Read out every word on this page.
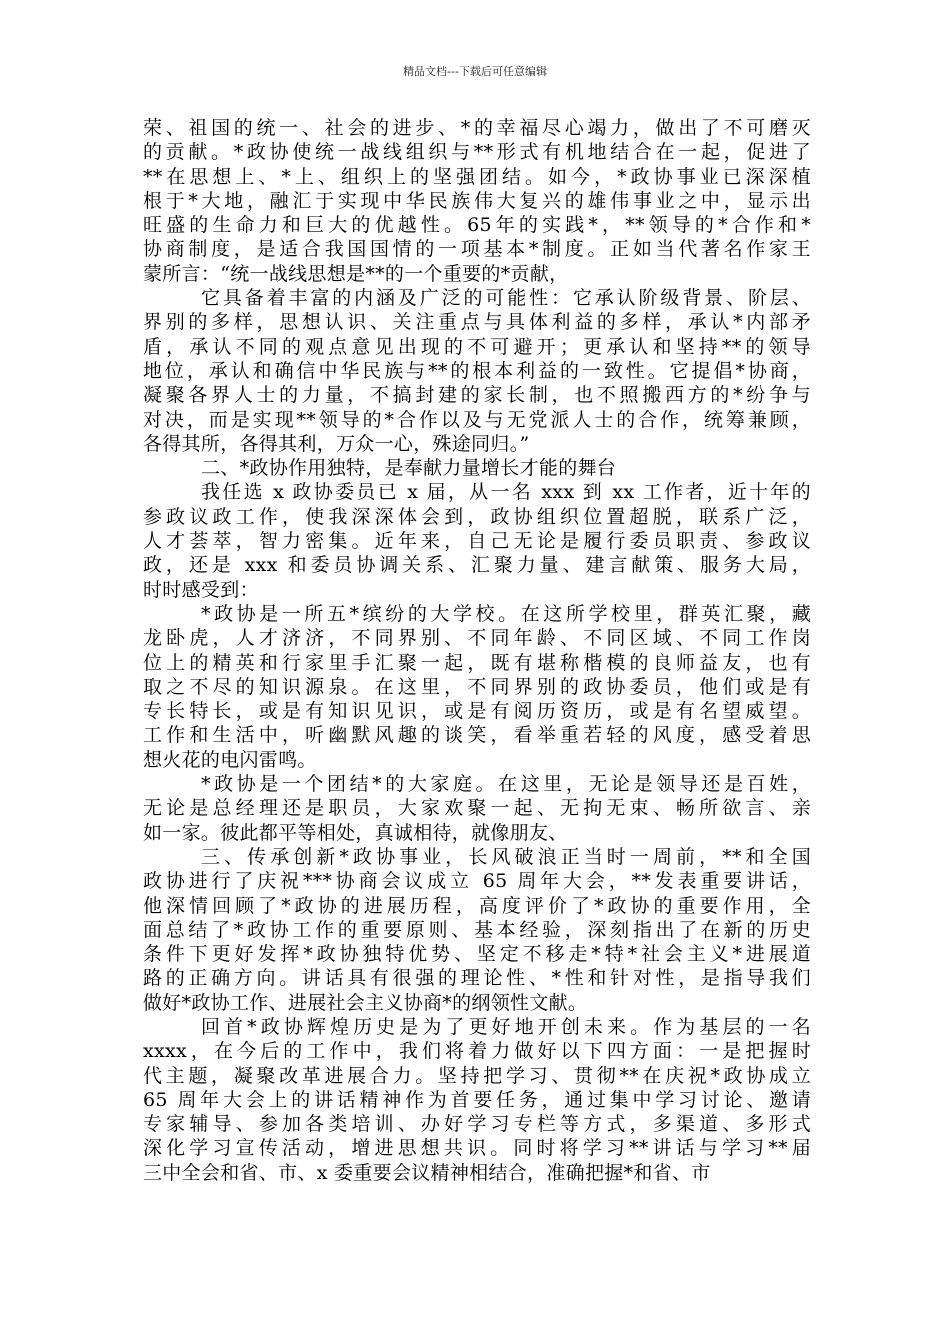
精品文档---下载后可任意编辑
荣、祖国的统一、社会的进步、*的幸福尽心竭力，做出了不可磨灭
的贡献。*政协使统一战线组织与**形式有机地结合在一起，促进了
**在思想上、*上、组织上的坚强团结。如今，*政协事业已深深植
根于*大地，融汇于实现中华民族伟大复兴的雄伟事业之中，显示出
旺盛的生命力和巨大的优越性。65年的实践*，**领导的*合作和*
协商制度，是适合我国国情的一项基本*制度。正如当代著名作家王
蒙所言：“统一战线思想是**的一个重要的*贡献，
它具备着丰富的内涵及广泛的可能性：它承认阶级背景、阶层、
界别的多样，思想认识、关注重点与具体利益的多样，承认*内部矛
盾，承认不同的观点意见出现的不可避开；更承认和坚持**的领导
地位，承认和确信中华民族与**的根本利益的一致性。它提倡*协商，
凝聚各界人士的力量，不搞封建的家长制，也不照搬西方的*纷争与
对决，而是实现**领导的*合作以及与无党派人士的合作，统筹兼顾，
各得其所，各得其利，万众一心，殊途同归。”
二、*政协作用独特，是奉献力量增长才能的舞台
我任选 x 政协委员已 x 届，从一名 xxx 到 xx 工作者，近十年的
参政议政工作，使我深深体会到，政协组织位置超脱，联系广泛，
人才荟萃，智力密集。近年来，自己无论是履行委员职责、参政议
政，还是 xxx 和委员协调关系、汇聚力量、建言献策、服务大局，
时时感受到：
*政协是一所五*缤纷的大学校。在这所学校里，群英汇聚，藏
龙卧虎，人才济济，不同界别、不同年龄、不同区域、不同工作岗
位上的精英和行家里手汇聚一起，既有堪称楷模的良师益友，也有
取之不尽的知识源泉。在这里，不同界别的政协委员，他们或是有
专长特长，或是有知识见识，或是有阅历资历，或是有名望威望。
工作和生活中，听幽默风趣的谈笑，看举重若轻的风度，感受着思
想火花的电闪雷鸣。
*政协是一个团结*的大家庭。在这里，无论是领导还是百姓，
无论是总经理还是职员，大家欢聚一起、无拘无束、畅所欲言、亲
如一家。彼此都平等相处，真诚相待，就像朋友、
三、传承创新*政协事业，长风破浪正当时一周前，**和全国
政协进行了庆祝***协商会议成立 65 周年大会，**发表重要讲话，
他深情回顾了*政协的进展历程，高度评价了*政协的重要作用，全
面总结了*政协工作的重要原则、基本经验，深刻指出了在新的历史
条件下更好发挥*政协独特优势、坚定不移走*特*社会主义*进展道
路的正确方向。讲话具有很强的理论性、*性和针对性，是指导我们
做好*政协工作、进展社会主义协商*的纲领性文献。
回首*政协辉煌历史是为了更好地开创未来。作为基层的一名
xxxx，在今后的工作中，我们将着力做好以下四方面：一是把握时
代主题，凝聚改革进展合力。坚持把学习、贯彻**在庆祝*政协成立
65 周年大会上的讲话精神作为首要任务，通过集中学习讨论、邀请
专家辅导、参加各类培训、办好学习专栏等方式，多渠道、多形式
深化学习宣传活动，增进思想共识。同时将学习**讲话与学习**届
三中全会和省、市、x 委重要会议精神相结合，准确把握*和省、市
